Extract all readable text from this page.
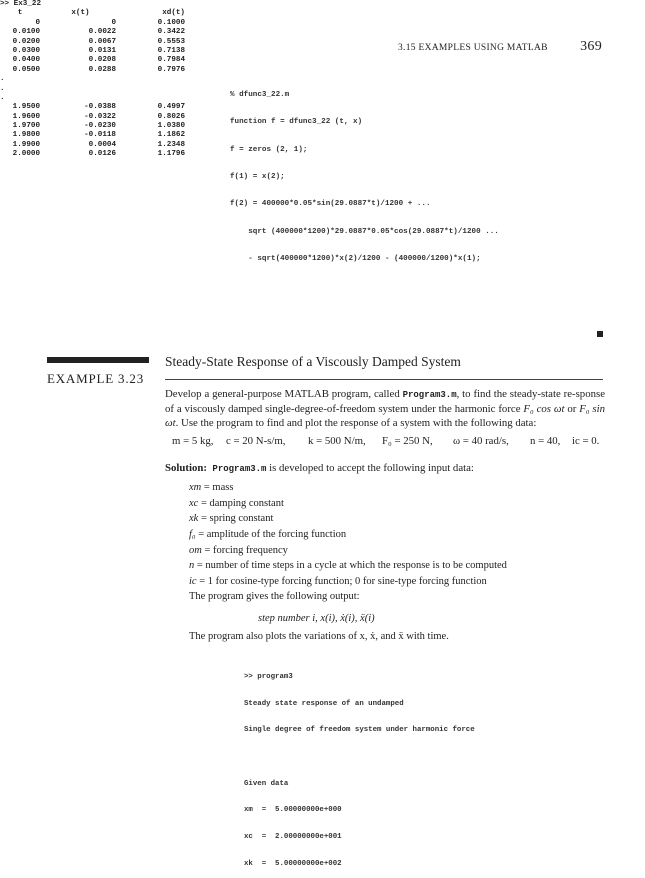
3.15 EXAMPLES USING MATLAB 369

% dfunc3_22.m

function f = dfunc3_22 (t, x)

f = zeros (2, 1);

f(1) = x(2);

f(2) = 400000*0.05*sin(29.0887*t)/1200 + ...

sqrt (400000*1200)*29.0887*0.05*cos(29.0887*t)/1200 ...

- sqrt(400000*1200)*x(2)/1200 - (400000/1200)*x(1);

>> Ex3_22
t	x(t)	xd(t)
0	0	0.1000
0.0100	0.0022	0.3422
0.0200	0.0067	0.5553
0.0300	0.0131	0.7138
0.0400	0.0208	0.7984
0.0500	0.0288	0.7976
.
.
.
1.9500	-0.0388	0.4997
1.9600	-0.0322	0.8026
1.9700	-0.0230	1.0380
1.9800	-0.0118	1.1862
1.9900	0.0004	1.2348
2.0000	0.0126	1.1796
EXAMPLE 3.23
Steady-State Response of a Viscously Damped System
Develop a general-purpose MATLAB program, called Program3.m, to find the steady-state re-sponse of a viscously damped single-degree-of-freedom system under the harmonic force F₀ cos ωt or F₀ sin ωt. Use the program to find and plot the response of a system with the following data:
m = 5 kg, c = 20 N-s/m, k = 500 N/m, F₀ = 250 N, ω = 40 rad/s, n = 40, ic = 0.
Solution: Program3.m is developed to accept the following input data:
xm = mass
xc = damping constant
xk = spring constant
f₀ = amplitude of the forcing function
om = forcing frequency
n = number of time steps in a cycle at which the response is to be computed
ic = 1 for cosine-type forcing function; 0 for sine-type forcing function
The program gives the following output:
step number i, x(i), ẋ(i), ẍ(i)
The program also plots the variations of x, ẋ, and ẍ with time.

>> program3

Steady state response of an undamped

Single degree of freedom system under harmonic force

Given data

xm  =  5.00000000e+000

xc  =  2.00000000e+001

xk  =  5.00000000e+002
